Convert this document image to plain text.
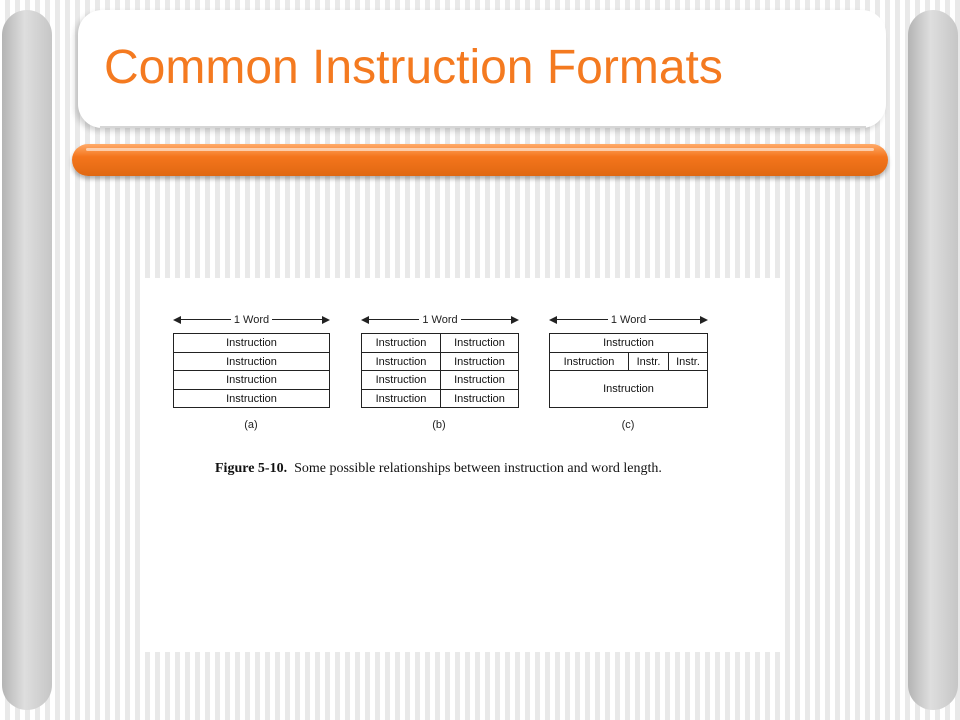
Common Instruction Formats
1 Word
Instruction
Instruction
Instruction
Instruction
(a)
1 Word
Instruction	Instruction
Instruction	Instruction
Instruction	Instruction
Instruction	Instruction
(b)
1 Word
Instruction
Instruction	Instr.	Instr.
Instruction
(c)
Figure 5-10. Some possible relationships between instruction and word length.
